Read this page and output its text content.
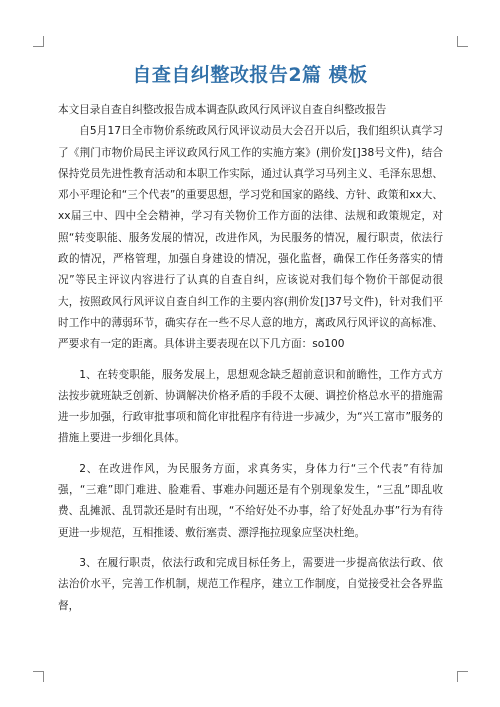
自查自纠整改报告2篇 模板

本文目录自查自纠整改报告成本调查队政风行风评议自查自纠整改报告

自5月17日全市物价系统政风行风评议动员大会召开以后，我们组织认真学习了《荆门市物价局民主评议政风行风工作的实施方案》(荆价发[]38号文件)，结合保持党员先进性教育活动和本职工作实际，通过认真学习马列主义、毛泽东思想、邓小平理论和“三个代表”的重要思想，学习党和国家的路线、方针、政策和xx大、xx届三中、四中全会精神，学习有关物价工作方面的法律、法规和政策规定，对照“转变职能、服务发展的情况，改进作风，为民服务的情况，履行职责，依法行政的情况，严格管理，加强自身建设的情况，强化监督，确保工作任务落实的情况”等民主评议内容进行了认真的自查自纠，应该说对我们每个物价干部促动很大，按照政风行风评议自查自纠工作的主要内容(荆价发[]37号文件)，针对我们平时工作中的薄弱环节，确实存在一些不尽人意的地方，离政风行风评议的高标准、严要求有一定的距离。具体讲主要表现在以下几方面：so100

1、在转变职能，服务发展上，思想观念缺乏超前意识和前瞻性，工作方式方法按步就班缺乏创新、协调解决价格矛盾的手段不太硬、调控价格总水平的措施需进一步加强，行政审批事项和简化审批程序有待进一步减少，为“兴工富市”服务的措施上要进一步细化具体。

2、在改进作风，为民服务方面，求真务实，身体力行“三个代表”有待加强，“三难”即门难进、脸难看、事难办问题还是有个别现象发生，“三乱”即乱收费、乱摊派、乱罚款还是时有出现，“不给好处不办事，给了好处乱办事”行为有待更进一步规范，互相推诿、敷衍塞责、漂浮拖拉现象应坚决杜绝。

3、在履行职责，依法行政和完成目标任务上，需要进一步提高依法行政、依法治价水平，完善工作机制，规范工作程序，建立工作制度，自觉接受社会各界监督，
